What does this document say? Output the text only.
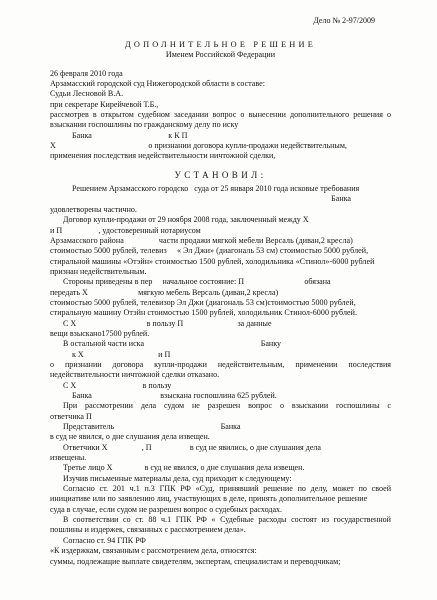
Дело № 2-97/2009
ДОПОЛНИТЕЛЬНОЕ РЕШЕНИЕ
Именем Российской Федерации
26 февраля 2010 года
Арзамасский городской суд Нижегородской области в составе:
Судьи Лесновой В.А.
при секретаре Кирейчевой Т.Б.,
рассмотрев в открытом судебном заседании вопрос о вынесении дополнительного решения о
взыскании госпошлины по гражданскому делу по иску
Банка                                      к К П
Х                                              о признании договора купли-продажи недействительным,
применения последствия недействительности ничтожной сделки,
УСТАНОВИЛ:
Решением Арзамасского городско   суда от 25 января 2010 года исковые требования
Банка
удовлетворены частично.
Договор купли-продажи от 29 ноября 2008 года, заключенный между Х
и П                  , удостоверенный нотариусом
Арзамасского района                 части продажи мягкой мебели Версаль (диван,2 кресла)
стоимостью 5000 рублей, телевиз     « Эл Джи» (диагональ 53 см) стоимостью 5000 рублей,
стиральной машины «Отэйн» стоимостью 1500 рублей, холодильника «Стинол»-6000 рублей
признан недействительным.
Стороны приведены в пер     начальное состояние: П                              обязана
передать Х                         мягкую мебель Версаль (диван,2 кресла)
стоимостью 5000 рублей, телевизор Эл Джи (диагональ 53 см)стоимостью 5000 рублей,
стиральную машину Отэйн стоимостью 1500 рублей, холодильник Стинол-6000 рублей.
С Х                                   в пользу П                           за данные
вещи взыскано17500 рублей.
В остальной части иска                                                          Банку
к Х                                     и П
о признании договора купли-продажи недействительным, применении последствия
недействительности ничтожной сделки отказано.
С Х                                 в пользу
Банка                                  взыскана госпошлина 625 рублей.
При рассмотрении дела судом не разрешен вопрос о взыскании госпошлины с
ответчика П
Представитель                                                     Банка
в суд не явился, о дне слушания дела извещен.
Ответчики Х                 , П                   в суд не явились, о дне слушания дела
извещены.
Третье лицо Х                в суд не явился, о дне слушания дела извещен.
Изучив письменные материалы дела, суд приходит к следующему:
Согласно ст. 201 ч.1 п.3 ГПК РФ «Суд, принявший решение по делу, может по своей
инициативе или по заявлению лиц, участвующих в деле, принять дополнительное решение
суда в случае, если судом не разрешен вопрос о судебных расходах.
В соответствии со ст. 88 ч.1 ГПК РФ « Судебные расходы состоят из государственной
пошлины и издержек, связанных с рассмотрением дела».
Согласно ст. 94 ГПК РФ
«К издержкам, связанным с рассмотрением дела, относятся:
суммы, подлежащие выплате свидетелям, экспертам, специалистам и переводчикам;
